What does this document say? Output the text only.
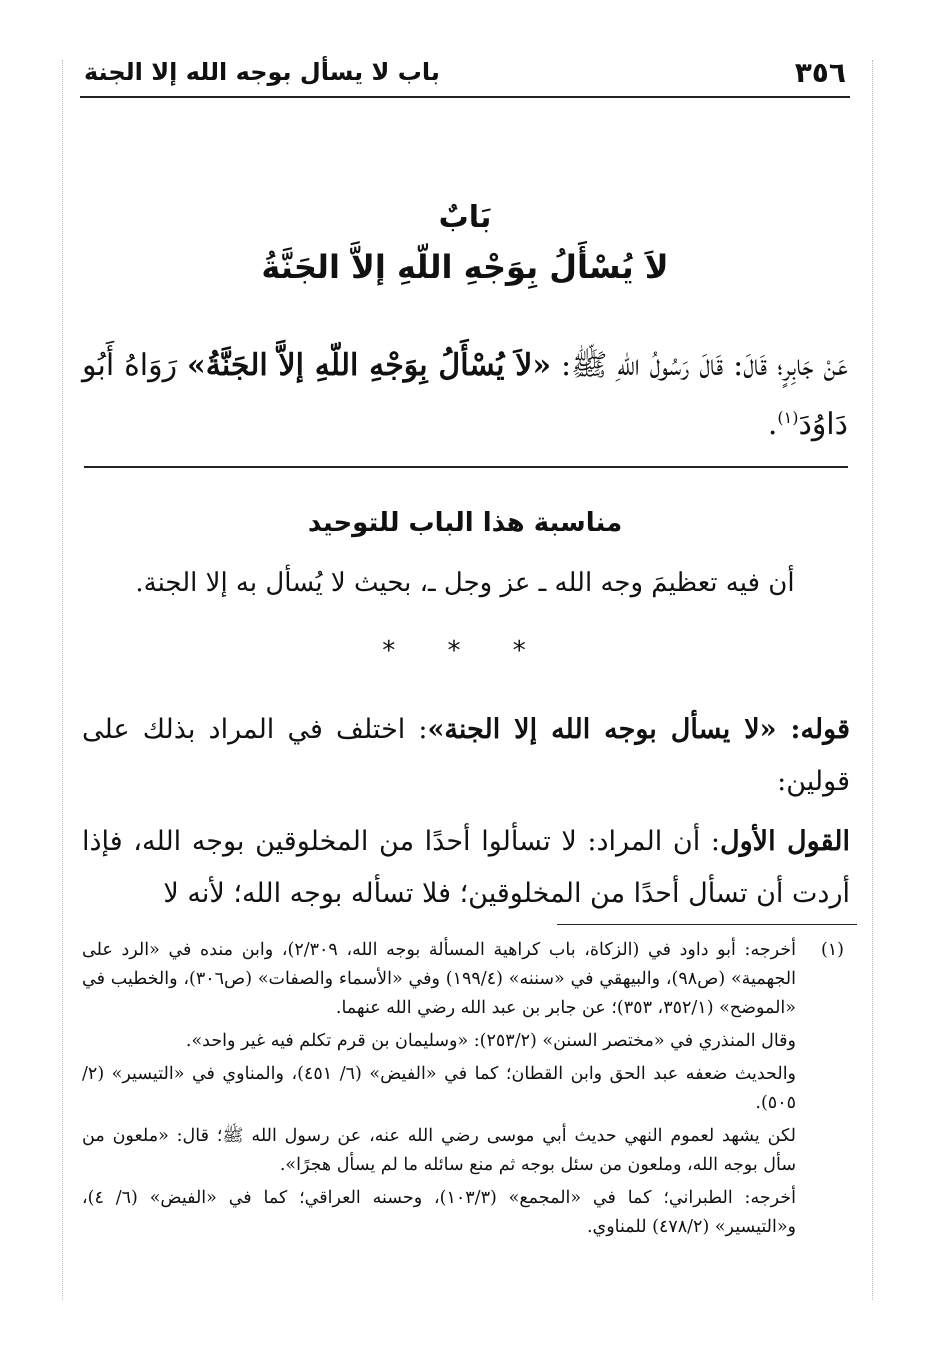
٣٥٦
باب لا يسأل بوجه الله إلا الجنة
بَابٌ
لاَ يُسْأَلُ بِوَجْهِ اللّهِ إلاَّ الجَنَّةُ
عَنْ جَابِرٍ؛ قَالَ: قَالَ رَسُولُ اللهِ ﷺ: «لاَ يُسْأَلُ بِوَجْهِ اللّهِ إلاَّ الجَنَّةُ» رَوَاهُ أَبُو دَاوُدَ$^{(١)}$.
مناسبة هذا الباب للتوحيد
أن فيه تعظيمَ وجه الله ـ عز وجل ـ، بحيث لا يُسأل به إلا الجنة.
* * *

قوله: «لا يسأل بوجه الله إلا الجنة»: اختلف في المراد بذلك على قولين:

القول الأول: أن المراد: لا تسألوا أحدًا من المخلوقين بوجه الله، فإذا أردت أن تسأل أحدًا من المخلوقين؛ فلا تسأله بوجه الله؛ لأنه لا

(١)

أخرجه: أبو داود في (الزكاة، باب كراهية المسألة بوجه الله، ٢/٣٠٩)، وابن منده في «الرد على الجهمية» (ص٩٨)، والبيهقي في «سننه» (١٩٩/٤) وفي «الأسماء والصفات» (ص٣٠٦)، والخطيب في «الموضح» (٣٥٢/١، ٣٥٣)؛ عن جابر بن عبد الله رضي الله عنهما.

وقال المنذري في «مختصر السنن» (٢٥٣/٢): «وسليمان بن قرم تكلم فيه غير واحد».

والحديث ضعفه عبد الحق وابن القطان؛ كما في «الفيض» (٦/ ٤٥١)، والمناوي في «التيسير» (٢/ ٥٠٥).

لكن يشهد لعموم النهي حديث أبي موسى رضي الله عنه، عن رسول الله ﷺ؛ قال: «ملعون من سأل بوجه الله، وملعون من سئل بوجه ثم منع سائله ما لم يسأل هجرًا».

أخرجه: الطبراني؛ كما في «المجمع» (١٠٣/٣)، وحسنه العراقي؛ كما في «الفيض» (٦/ ٤)، و«التيسير» (٤٧٨/٢) للمناوي.
